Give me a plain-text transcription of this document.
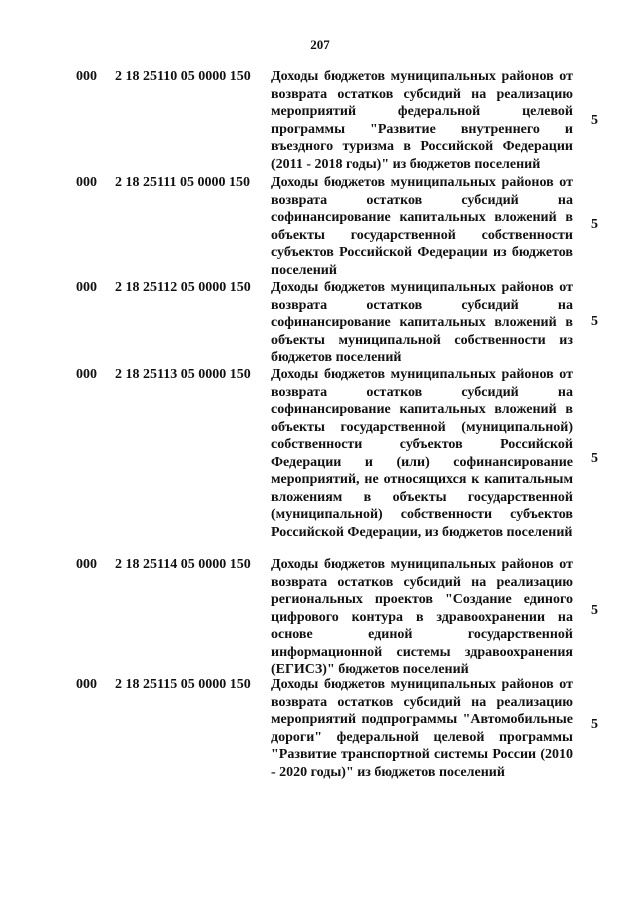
207
000 2 18 25110 05 0000 150 Доходы бюджетов муниципальных районов от возврата остатков субсидий на реализацию мероприятий федеральной целевой программы "Развитие внутреннего и въездного туризма в Российской Федерации (2011 - 2018 годы)" из бюджетов поселений
5
000 2 18 25111 05 0000 150 Доходы бюджетов муниципальных районов от возврата остатков субсидий на софинансирование капитальных вложений в объекты государственной собственности субъектов Российской Федерации из бюджетов поселений
5
000 2 18 25112 05 0000 150 Доходы бюджетов муниципальных районов от возврата остатков субсидий на софинансирование капитальных вложений в объекты муниципальной собственности из бюджетов поселений
5
000 2 18 25113 05 0000 150 Доходы бюджетов муниципальных районов от возврата остатков субсидий на софинансирование капитальных вложений в объекты государственной (муниципальной) собственности субъектов Российской Федерации и (или) софинансирование мероприятий, не относящихся к капитальным вложениям в объекты государственной (муниципальной) собственности субъектов Российской Федерации, из бюджетов поселений
5
000 2 18 25114 05 0000 150 Доходы бюджетов муниципальных районов от возврата остатков субсидий на реализацию региональных проектов "Создание единого цифрового контура в здравоохранении на основе единой государственной информационной системы здравоохранения (ЕГИСЗ)" бюджетов поселений
5
000 2 18 25115 05 0000 150 Доходы бюджетов муниципальных районов от возврата остатков субсидий на реализацию мероприятий подпрограммы "Автомобильные дороги" федеральной целевой программы "Развитие транспортной системы России (2010 - 2020 годы)" из бюджетов поселений
5
